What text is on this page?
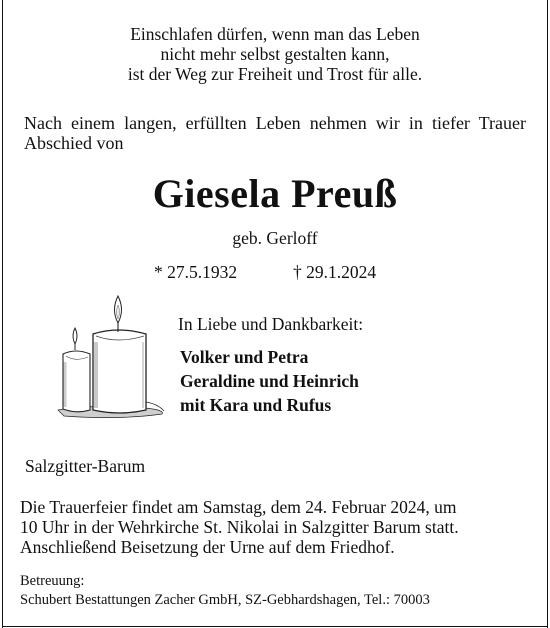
Einschlafen dürfen, wenn man das Leben
nicht mehr selbst gestalten kann,
ist der Weg zur Freiheit und Trost für alle.
Nach einem langen, erfüllten Leben nehmen wir in tiefer Trauer Abschied von
Giesela Preuß
geb. Gerloff
* 27.5.1932	† 29.1.2024
In Liebe und Dankbarkeit:
Volker und Petra
Geraldine und Heinrich
mit Kara und Rufus
Salzgitter-Barum
Die Trauerfeier findet am Samstag, dem 24. Februar 2024, um
10 Uhr in der Wehrkirche St. Nikolai in Salzgitter Barum statt.
Anschließend Beisetzung der Urne auf dem Friedhof.
Betreuung:
Schubert Bestattungen Zacher GmbH, SZ-Gebhardshagen, Tel.: 70003
